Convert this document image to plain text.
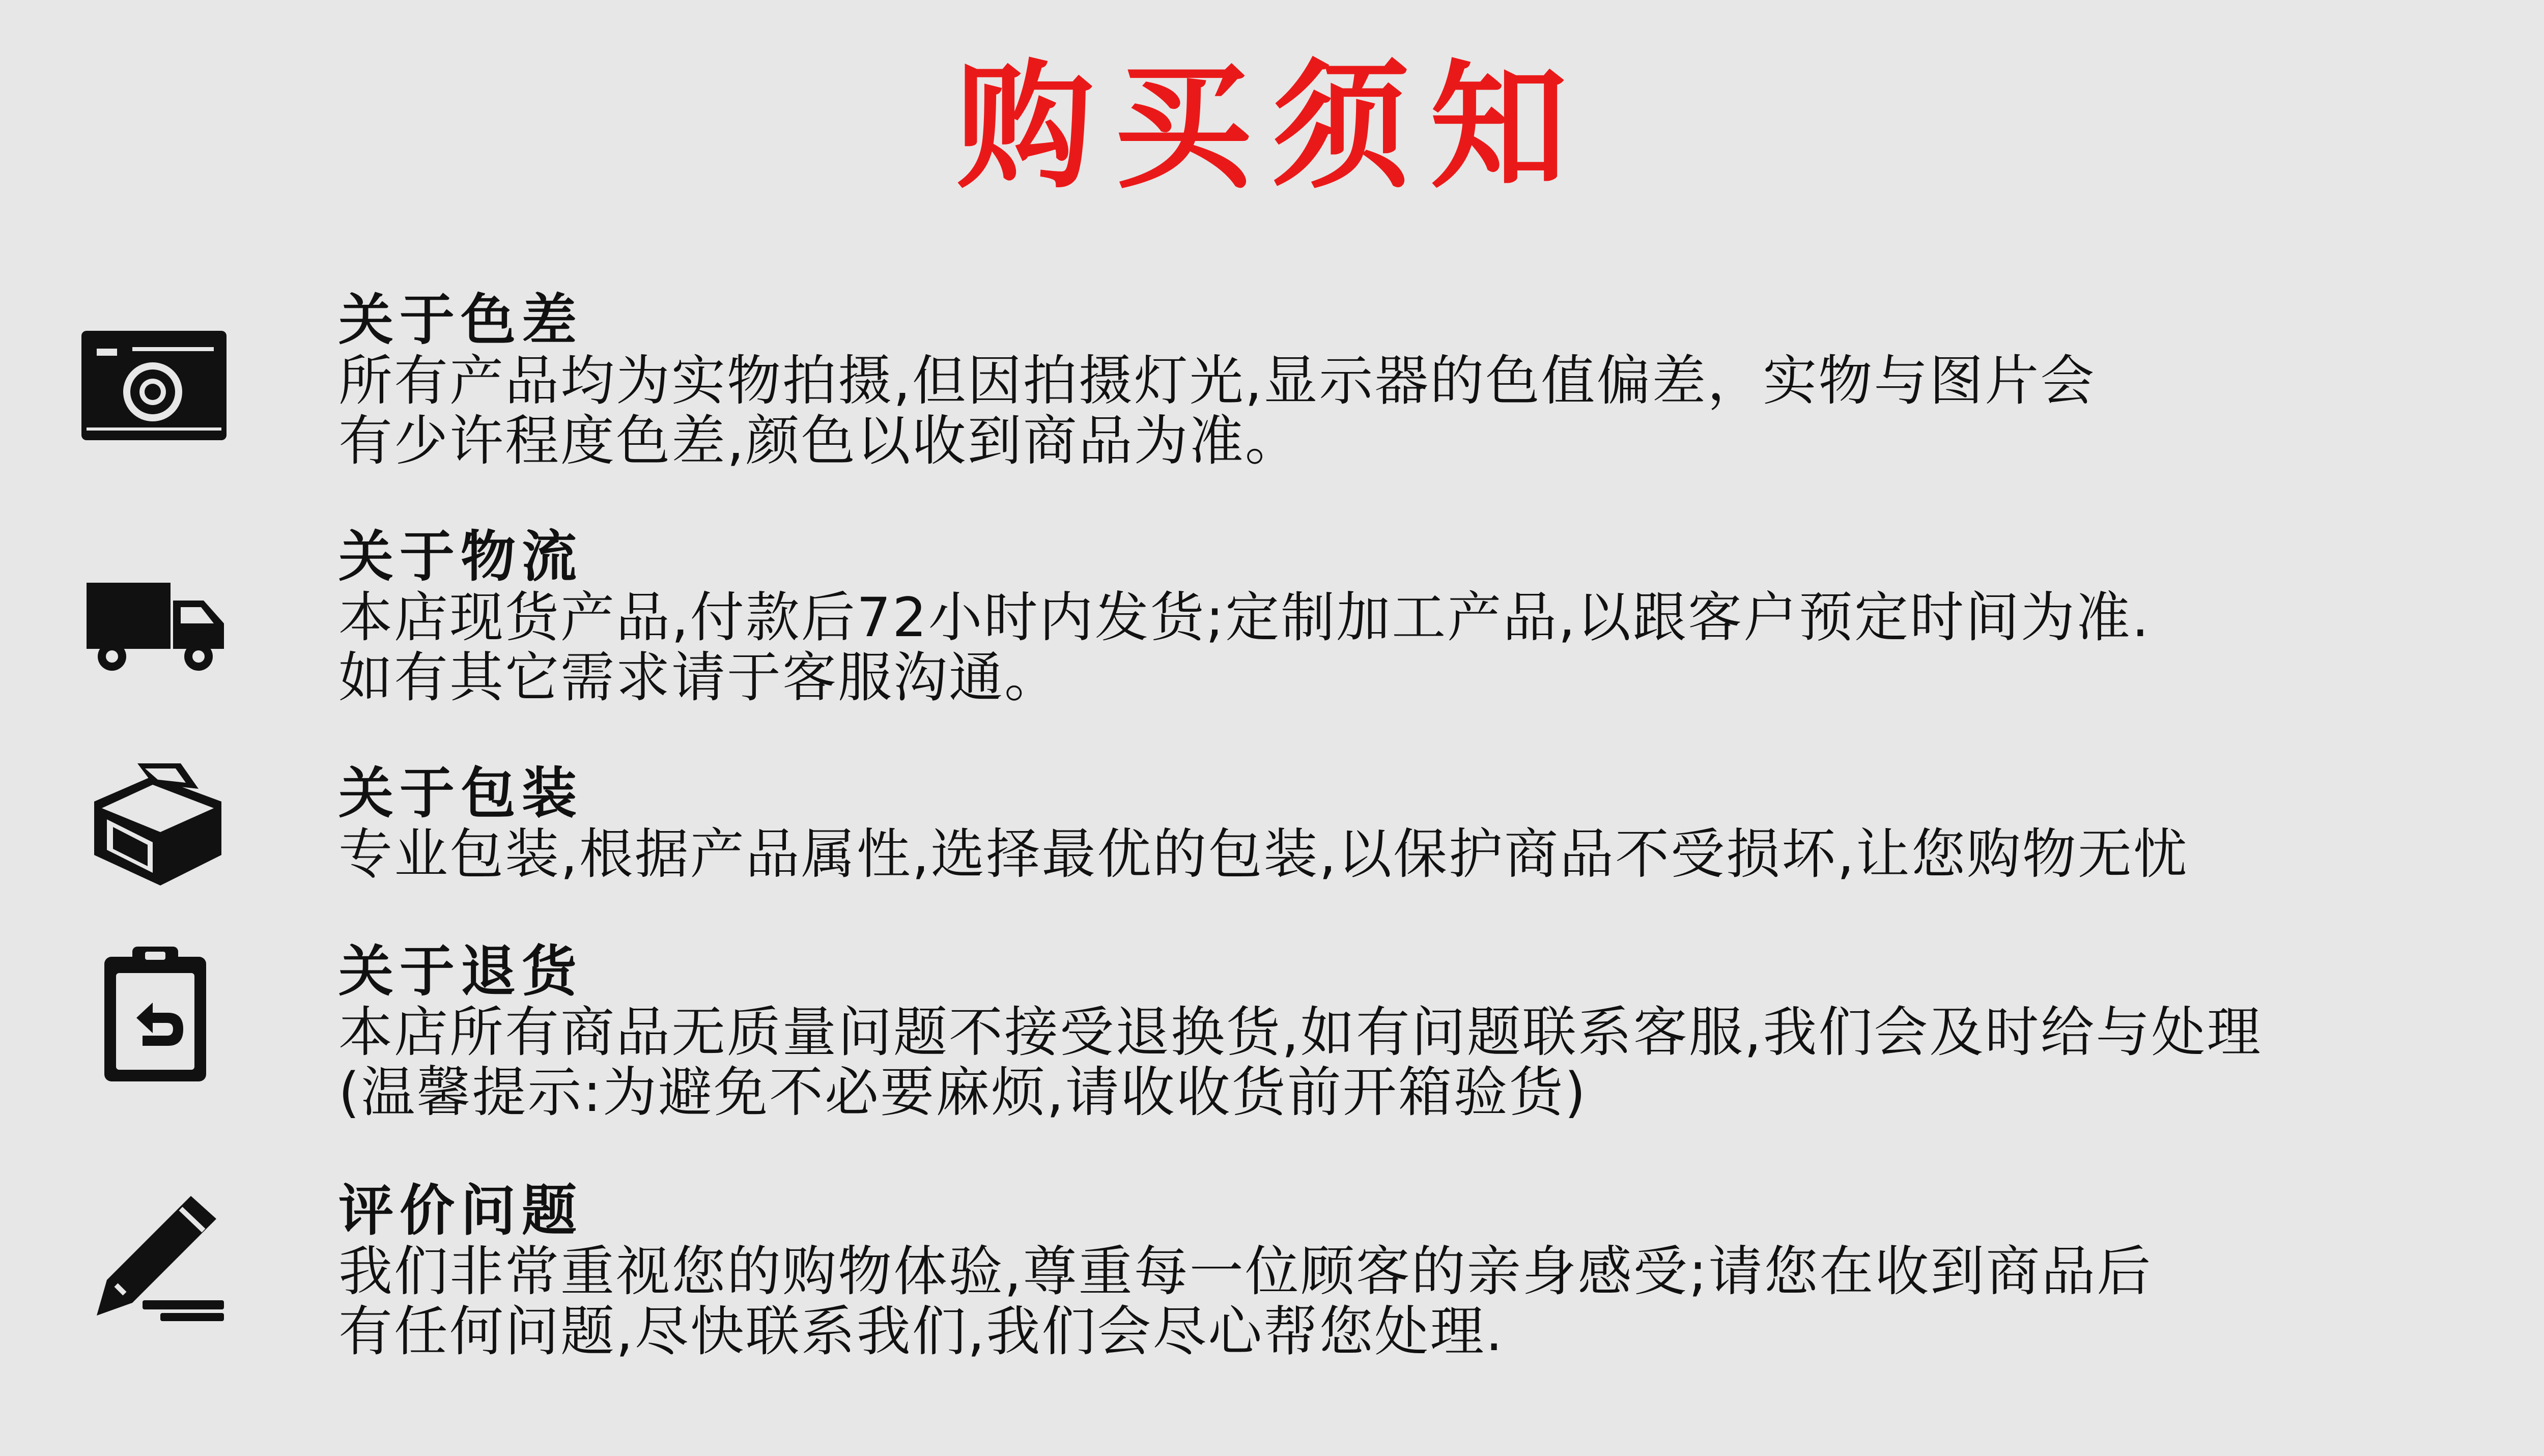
购买须知
关于色差
所有产品均为实物拍摄,但因拍摄灯光,显示器的色值偏差，实物与图片会
有少许程度色差,颜色以收到商品为准。
关于物流
本店现货产品,付款后72小时内发货;定制加工产品,以跟客户预定时间为准.
如有其它需求请于客服沟通。
关于包装
专业包装,根据产品属性,选择最优的包装,以保护商品不受损坏,让您购物无忧
关于退货
本店所有商品无质量问题不接受退换货,如有问题联系客服,我们会及时给与处理
(温馨提示:为避免不必要麻烦,请收收货前开箱验货)
评价问题
我们非常重视您的购物体验,尊重每一位顾客的亲身感受;请您在收到商品后
有任何问题,尽快联系我们,我们会尽心帮您处理.
